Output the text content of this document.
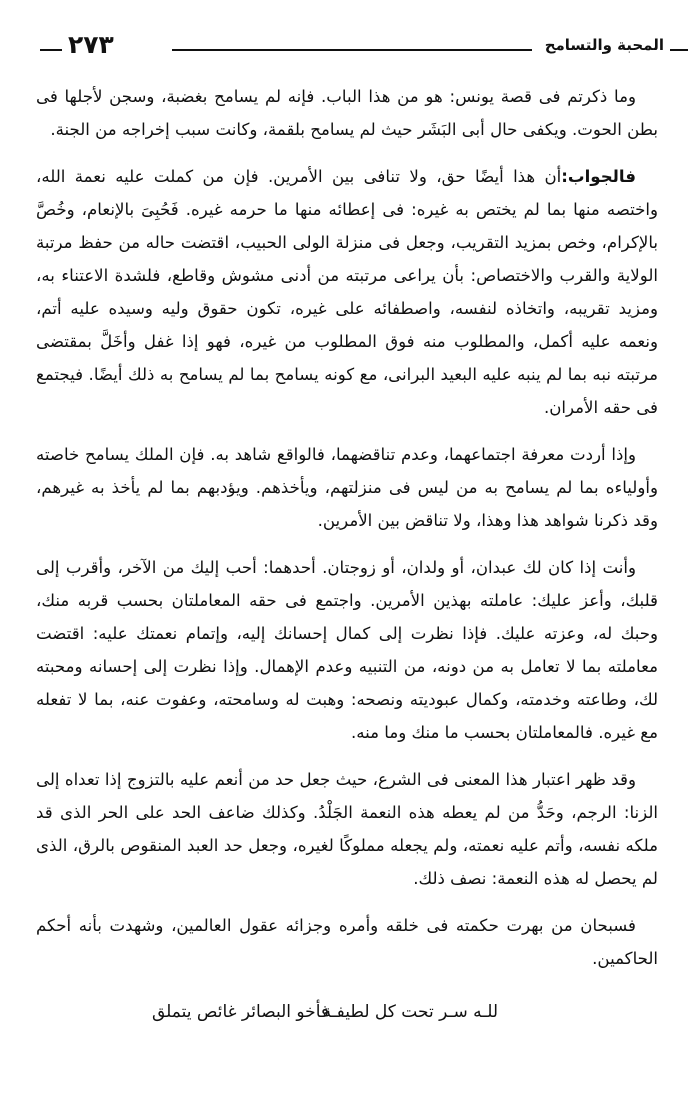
المحبة والتسامح
٢٧٣

وما ذكرتم فى قصة يونس: هو من هذا الباب. فإنه لم يسامح بغضبة، وسجن لأجلها فى بطن الحوت. ويكفى حال أبى البَشَر حيث لم يسامح بلقمة، وكانت سبب إخراجه من الجنة.

فالجواب:أن هذا أيضًا حق، ولا تنافى بين الأمرين. فإن من كملت عليه نعمة الله، واختصه منها بما لم يختص به غيره: فى إعطائه منها ما حرمه غيره. فَحُبِىَ بالإنعام، وخُصَّ بالإكرام، وخص بمزيد التقريب، وجعل فى منزلة الولى الحبيب، اقتضت حاله من حفظ مرتبة الولاية والقرب والاختصاص: بأن يراعى مرتبته من أدنى مشوش وقاطع، فلشدة الاعتناء به، ومزيد تقريبه، واتخاذه لنفسه، واصطفائه على غيره، تكون حقوق وليه وسيده عليه أتم، ونعمه عليه أكمل، والمطلوب منه فوق المطلوب من غيره، فهو إذا غفل وأخَلَّ بمقتضى مرتبته نبه بما لم ينبه عليه البعيد البرانى، مع كونه يسامح بما لم يسامح به ذلك أيضًا. فيجتمع فى حقه الأمران.

وإذا أردت معرفة اجتماعهما، وعدم تناقضهما، فالواقع شاهد به. فإن الملك يسامح خاصته وأولياءه بما لم يسامح به من ليس فى منزلتهم، ويأخذهم. ويؤدبهم بما لم يأخذ به غيرهم، وقد ذكرنا شواهد هذا وهذا، ولا تناقض بين الأمرين.

وأنت إذا كان لك عبدان، أو ولدان، أو زوجتان. أحدهما: أحب إليك من الآخر، وأقرب إلى قلبك، وأعز عليك: عاملته بهذين الأمرين. واجتمع فى حقه المعاملتان بحسب قربه منك، وحبك له، وعزته عليك. فإذا نظرت إلى كمال إحسانك إليه، وإتمام نعمتك عليه: اقتضت معاملته بما لا تعامل به من دونه، من التنبيه وعدم الإهمال. وإذا نظرت إلى إحسانه ومحبته لك، وطاعته وخدمته، وكمال عبوديته ونصحه: وهبت له وسامحته، وعفوت عنه، بما لا تفعله مع غيره. فالمعاملتان بحسب ما منك وما منه.

وقد ظهر اعتبار هذا المعنى فى الشرع، حيث جعل حد من أنعم عليه بالتزوج إذا تعداه إلى الزنا: الرجم، وحَدُّ من لم يعطه هذه النعمة الجَلْدُ. وكذلك ضاعف الحد على الحر الذى قد ملكه نفسه، وأتم عليه نعمته، ولم يجعله مملوكًا لغيره، وجعل حد العبد المنقوص بالرق، الذى لم يحصل له هذه النعمة: نصف ذلك.

فسبحان من بهرت حكمته فى خلقه وأمره وجزائه عقول العالمين، وشهدت بأنه أحكم الحاكمين.

للـه سـر تحت كل لطيفـة
فأخو البصائر غائص يتملق
